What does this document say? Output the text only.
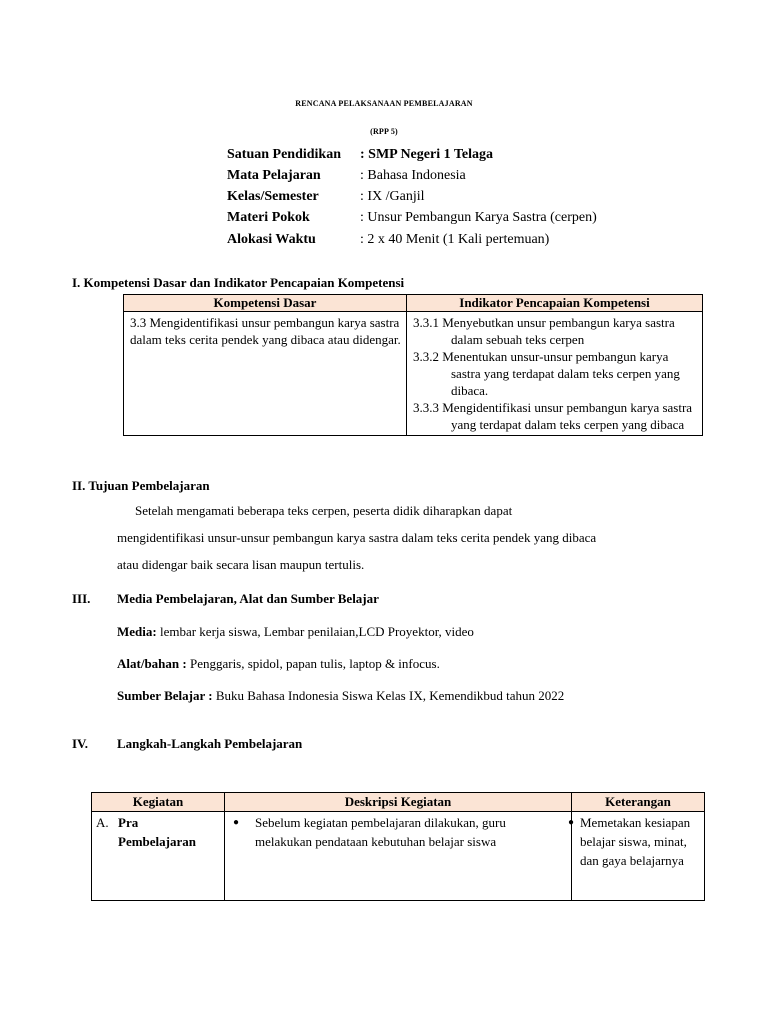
RENCANA PELAKSANAAN PEMBELAJARAN
(RPP 5)
Satuan Pendidikan : SMP Negeri 1 Telaga
Mata Pelajaran	: Bahasa Indonesia
Kelas/Semester	: IX /Ganjil
Materi Pokok	: Unsur Pembangun Karya Sastra (cerpen)
Alokasi Waktu	: 2 x 40 Menit (1 Kali pertemuan)
I. Kompetensi Dasar dan Indikator Pencapaian Kompetensi
Kompetensi Dasar	Indikator Pencapaian Kompetensi
3.3 Mengidentifikasi unsur pembangun karya sastra dalam teks cerita pendek yang dibaca atau didengar.	3.3.1 Menyebutkan unsur pembangun karya sastra dalam sebuah teks cerpen
3.3.2 Menentukan unsur-unsur pembangun karya sastra yang terdapat dalam teks cerpen yang dibaca.
3.3.3 Mengidentifikasi unsur pembangun karya sastra yang terdapat dalam teks cerpen yang dibaca
II. Tujuan Pembelajaran
Setelah mengamati beberapa teks cerpen, peserta didik diharapkan dapat
mengidentifikasi unsur-unsur pembangun karya sastra dalam teks cerita pendek yang dibaca
atau didengar baik secara lisan maupun tertulis.
III. Media Pembelajaran, Alat dan Sumber Belajar
Media: lembar kerja siswa, Lembar penilaian,LCD Proyektor, video
Alat/bahan : Penggaris, spidol, papan tulis, laptop & infocus.
Sumber Belajar : Buku Bahasa Indonesia Siswa Kelas IX, Kemendikbud tahun 2022
IV. Langkah-Langkah Pembelajaran
Kegiatan	Deskripsi Kegiatan	Keterangan

A. Pra
Pembelajaran	● Sebelum kegiatan pembelajaran dilakukan, guru melakukan pendataan kebutuhan belajar siswa	● Memetakan kesiapan belajar siswa, minat, dan gaya belajarnya
